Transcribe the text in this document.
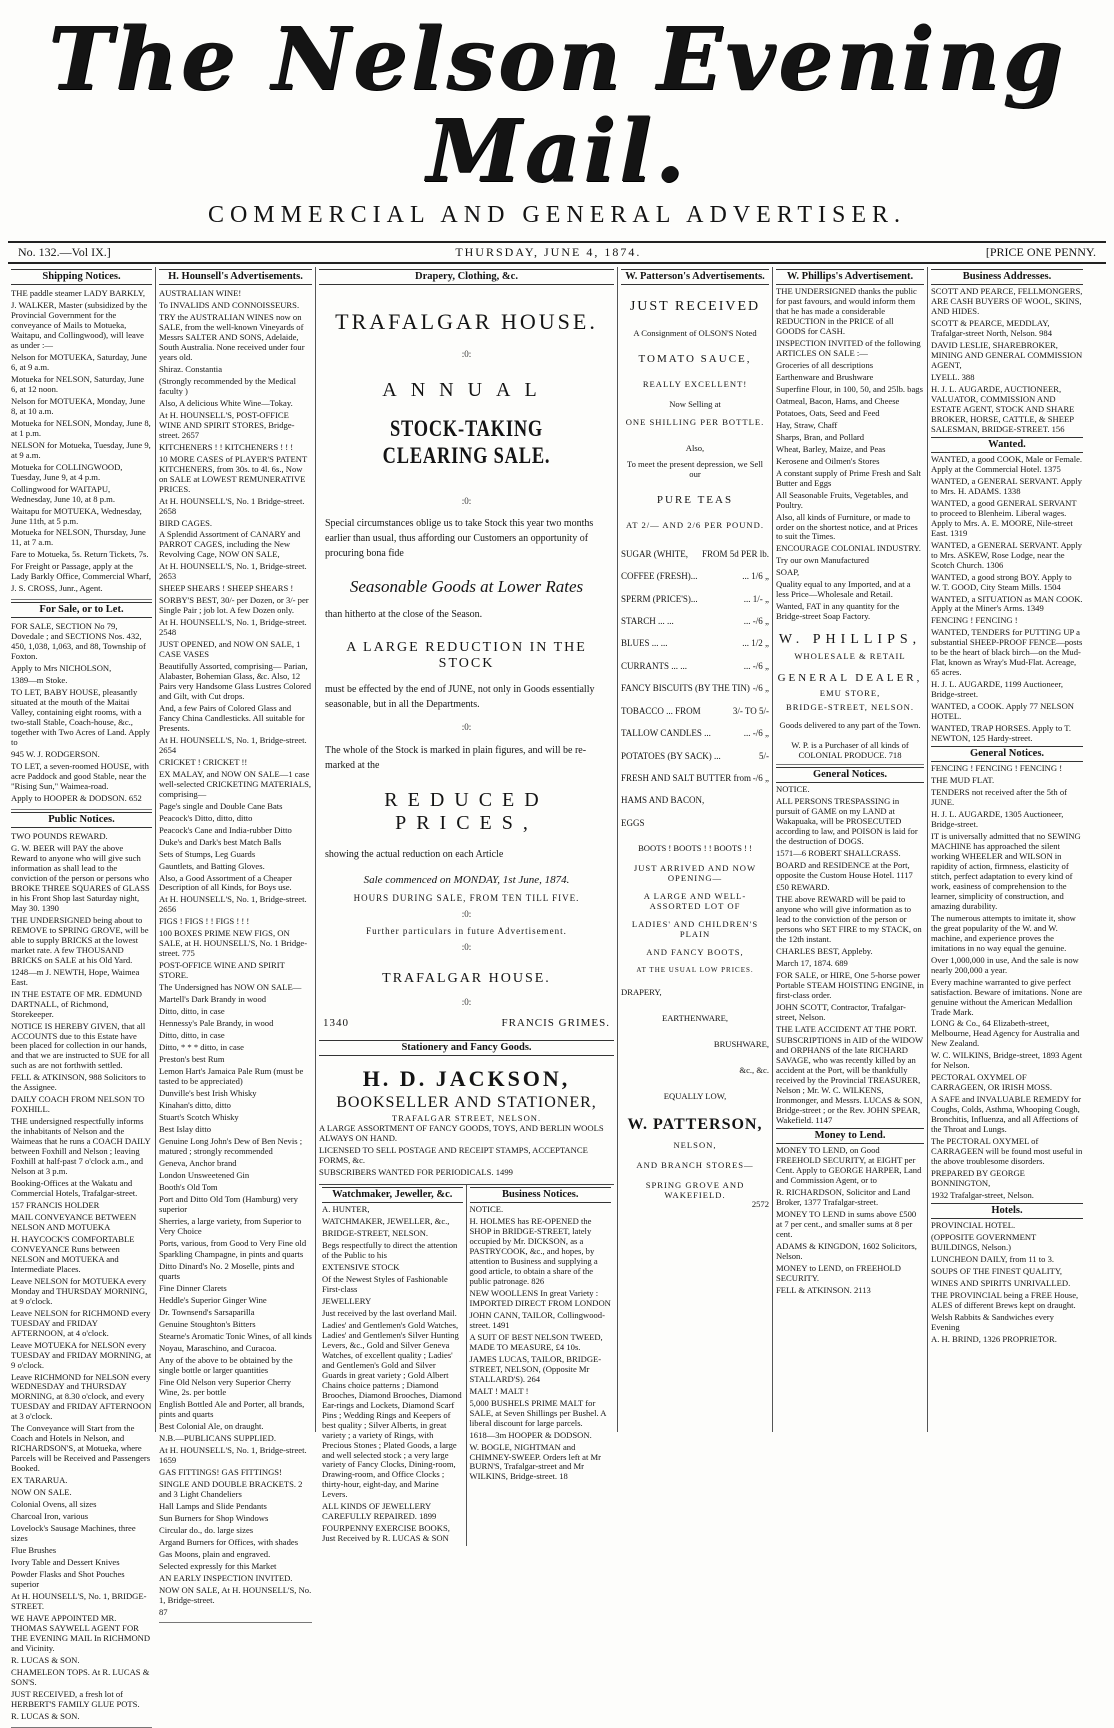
The Nelson Evening Mail.
COMMERCIAL AND GENERAL ADVERTISER.
No. 132.—Vol IX.]	THURSDAY, JUNE 4, 1874.	[PRICE ONE PENNY.
Shipping Notices.

THE paddle steamer LADY BARKLY,

J. WALKER, Master (subsidized by the Provincial Government for the conveyance of Mails to Motueka, Waitapu, and Collingwood), will leave as under :—

Nelson for MOTUEKA, Saturday, June 6, at 9 a.m.

Motueka for NELSON, Saturday, June 6, at 12 noon.

Nelson for MOTUEKA, Monday, June 8, at 10 a.m.

Motueka for NELSON, Monday, June 8, at 1 p.m.

NELSON for Motueka, Tuesday, June 9, at 9 a.m.

Motueka for COLLINGWOOD, Tuesday, June 9, at 4 p.m.

Collingwood for WAITAPU, Wednesday, June 10, at 8 p.m.

Waitapu for MOTUEKA, Wednesday, June 11th, at 5 p.m.

Motueka for NELSON, Thursday, June 11, at 7 a.m.

Fare to Motueka, 5s. Return Tickets, 7s.

For Freight or Passage, apply at the Lady Barkly Office, Commercial Wharf,

J. S. CROSS, Junr., Agent.

For Sale, or to Let.

FOR SALE, SECTION No 79, Dovedale ; and SECTIONS Nos. 432, 450, 1,038, 1,063, and 88, Township of Foxton.

Apply to Mrs NICHOLSON,

1389—m Stoke.

TO LET, BABY HOUSE, pleasantly situated at the mouth of the Maitai Valley, containing eight rooms, with a two-stall Stable, Coach-house, &c., together with Two Acres of Land. Apply to

945 W. J. RODGERSON.

TO LET, a seven-roomed HOUSE, with acre Paddock and good Stable, near the "Rising Sun," Waimea-road.

Apply to HOOPER & DODSON. 652

Public Notices.

TWO POUNDS REWARD.

G. W. BEER will PAY the above Reward to anyone who will give such information as shall lead to the conviction of the person or persons who BROKE THREE SQUARES of GLASS in his Front Shop last Saturday night, May 30. 1390

THE UNDERSIGNED being about to REMOVE to SPRING GROVE, will be able to supply BRICKS at the lowest market rate. A few THOUSAND BRICKS on SALE at his Old Yard.

1248—m J. NEWTH, Hope, Waimea East.

IN THE ESTATE OF MR. EDMUND DARTNALL, of Richmond, Storekeeper.

NOTICE IS HEREBY GIVEN, that all ACCOUNTS due to this Estate have been placed for collection in our hands, and that we are instructed to SUE for all such as are not forthwith settled.

FELL & ATKINSON, 988 Solicitors to the Assignee.

DAILY COACH FROM NELSON TO FOXHILL.

THE undersigned respectfully informs the inhabitants of Nelson and the Waimeas that he runs a COACH DAILY between Foxhill and Nelson ; leaving Foxhill at half-past 7 o'clock a.m., and Nelson at 3 p.m.

Booking-Offices at the Wakatu and Commercial Hotels, Trafalgar-street.

157 FRANCIS HOLDER

MAIL CONVEYANCE BETWEEN NELSON AND MOTUEKA

H. HAYCOCK'S COMFORTABLE CONVEYANCE Runs between NELSON and MOTUEKA and Intermediate Places.

Leave NELSON for MOTUEKA every Monday and THURSDAY MORNING, at 9 o'clock.

Leave NELSON for RICHMOND every TUESDAY and FRIDAY AFTERNOON, at 4 o'clock.

Leave MOTUEKA for NELSON every TUESDAY and FRIDAY MORNING, at 9 o'clock.

Leave RICHMOND for NELSON every WEDNESDAY and THURSDAY MORNING, at 8.30 o'clock, and every TUESDAY and FRIDAY AFTERNOON at 3 o'clock.

The Conveyance will Start from the Coach and Hotels in Nelson, and RICHARDSON'S, at Motueka, where Parcels will be Received and Passengers Booked.

EX TARARUA.

NOW ON SALE.

Colonial Ovens, all sizes

Charcoal Iron, various

Lovelock's Sausage Machines, three sizes

Flue Brushes

Ivory Table and Dessert Knives

Powder Flasks and Shot Pouches superior

At H. HOUNSELL'S, No. 1, BRIDGE-STREET.

WE HAVE APPOINTED MR. THOMAS SAYWELL AGENT FOR THE EVENING MAIL In RICHMOND and Vicinity.

R. LUCAS & SON.

CHAMELEON TOPS. At R. LUCAS & SON'S.

JUST RECEIVED, a fresh lot of HERBERT'S FAMILY GLUE POTS.

R. LUCAS & SON.

H. Hounsell's Advertisements.

AUSTRALIAN WINE!

To INVALIDS AND CONNOISSEURS.

TRY the AUSTRALIAN WINES now on SALE, from the well-known Vineyards of Messrs SALTER AND SONS, Adelaide, South Australia. None received under four years old.

Shiraz. Constantia

(Strongly recommended by the Medical faculty )

Also, A delicious White Wine—Tokay.

At H. HOUNSELL'S, POST-OFFICE WINE AND SPIRIT STORES, Bridge-street. 2657

KITCHENERS ! ! KITCHENERS ! ! !

10 MORE CASES of PLAYER'S PATENT KITCHENERS, from 30s. to 4l. 6s., Now on SALE at LOWEST REMUNERATIVE PRICES.

At H. HOUNSELL'S, No. 1 Bridge-street. 2658

BIRD CAGES.

A Splendid Assortment of CANARY and PARROT CAGES, including the New Revolving Cage, NOW ON SALE,

At H. HOUNSELL'S, No. 1, Bridge-street. 2653

SHEEP SHEARS ! SHEEP SHEARS !

SORBY'S BEST, 30/- per Dozen, or 3/- per Single Pair ; job lot. A few Dozen only.

At H. HOUNSELL'S, No. 1, Bridge-street. 2548

JUST OPENED, and NOW ON SALE, 1 CASE VASES

Beautifully Assorted, comprising— Parian, Alabaster, Bohemian Glass, &c. Also, 12 Pairs very Handsome Glass Lustres Colored and Gilt, with Cut drops.

And, a few Pairs of Colored Glass and Fancy China Candlesticks. All suitable for Presents.

At H. HOUNSELL'S, No. 1, Bridge-street. 2654

CRICKET ! CRICKET !!

EX MALAY, and NOW ON SALE—1 case well-selected CRICKETING MATERIALS, comprising—

Page's single and Double Cane Bats

Peacock's Ditto, ditto, ditto

Peacock's Cane and India-rubber Ditto

Duke's and Dark's best Match Balls

Sets of Stumps, Leg Guards

Gauntlets, and Batting Gloves.

Also, a Good Assortment of a Cheaper Description of all Kinds, for Boys use.

At H. HOUNSELL'S, No. 1, Bridge-street. 2656

FIGS ! FIGS ! ! FIGS ! ! !

100 BOXES PRIME NEW FIGS, ON SALE, at H. HOUNSELL'S, No. 1 Bridge-street. 775

POST-OFFICE WINE AND SPIRIT STORE.

The Undersigned has NOW ON SALE—

Martell's Dark Brandy in wood

Ditto, ditto, in case

Hennessy's Pale Brandy, in wood

Ditto, ditto, in case

Ditto, * * * ditto, in case

Preston's best Rum

Lemon Hart's Jamaica Pale Rum (must be tasted to be appreciated)

Dunville's best Irish Whisky

Kinahan's ditto, ditto

Stuart's Scotch Whisky

Best Islay ditto

Genuine Long John's Dew of Ben Nevis ; matured ; strongly recommended

Geneva, Anchor brand

London Unsweetened Gin

Booth's Old Tom

Port and Ditto Old Tom (Hamburg) very superior

Sherries, a large variety, from Superior to Very Choice

Ports, various, from Good to Very Fine old

Sparkling Champagne, in pints and quarts

Ditto Dinard's No. 2 Moselle, pints and quarts

Fine Dinner Clarets

Heddle's Superior Ginger Wine

Dr. Townsend's Sarsaparilla

Genuine Stoughton's Bitters

Stearne's Aromatic Tonic Wines, of all kinds

Noyau, Maraschino, and Curacoa.

Any of the above to be obtained by the single bottle or larger quantities

Fine Old Nelson very Superior Cherry Wine, 2s. per bottle

English Bottled Ale and Porter, all brands, pints and quarts

Best Colonial Ale, on draught.

N.B.—PUBLICANS SUPPLIED.

At H. HOUNSELL'S, No. 1, Bridge-street. 1659

GAS FITTINGS! GAS FITTINGS!

SINGLE AND DOUBLE BRACKETS. 2 and 3 Light Chandeliers

Hall Lamps and Slide Pendants

Sun Burners for Shop Windows

Circular do., do. large sizes

Argand Burners for Offices, with shades

Gas Moons, plain and engraved.

Selected expressly for this Market

AN EARLY INSPECTION INVITED.

NOW ON SALE, At H. HOUNSELL'S, No. 1, Bridge-street.

87

Drapery, Clothing, &c.
TRAFALGAR HOUSE.
:0:
ANNUAL
STOCK-TAKING CLEARING SALE.
:0:
Special circumstances oblige us to take Stock this year two months earlier than usual, thus affording our Customers an opportunity of procuring bona fide
Seasonable Goods at Lower Rates
than hitherto at the close of the Season.
A LARGE REDUCTION IN THE STOCK
must be effected by the end of JUNE, not only in Goods essentially seasonable, but in all the Departments.
:0:
The whole of the Stock is marked in plain figures, and will be re-marked at the
REDUCED PRICES,
showing the actual reduction on each Article
Sale commenced on MONDAY, 1st June, 1874.
HOURS DURING SALE, FROM TEN TILL FIVE.
:0:
Further particulars in future Advertisement.
:0:
TRAFALGAR HOUSE.
:0:
1340	FRANCIS GRIMES.
Stationery and Fancy Goods.
H. D. JACKSON,
BOOKSELLER AND STATIONER,
TRAFALGAR STREET, NELSON.

A LARGE ASSORTMENT OF FANCY GOODS, TOYS, AND BERLIN WOOLS ALWAYS ON HAND.

LICENSED TO SELL POSTAGE AND RECEIPT STAMPS, ACCEPTANCE FORMS, &c.

SUBSCRIBERS WANTED FOR PERIODICALS. 1499

Watchmaker, Jeweller, &c.

A. HUNTER,

WATCHMAKER, JEWELLER, &c.,

BRIDGE-STREET, NELSON.

Begs respectfully to direct the attention of the Public to his

EXTENSIVE STOCK

Of the Newest Styles of Fashionable First-class

JEWELLERY

Just received by the last overland Mail.

Ladies' and Gentlemen's Gold Watches, Ladies' and Gentlemen's Silver Hunting Levers, &c., Gold and Silver Geneva Watches, of excellent quality ; Ladies' and Gentlemen's Gold and Silver Guards in great variety ; Gold Albert Chains choice patterns ; Diamond Brooches, Diamond Brooches, Diamond Ear-rings and Lockets, Diamond Scarf Pins ; Wedding Rings and Keepers of best quality ; Silver Alberts, in great variety ; a variety of Rings, with Precious Stones ; Plated Goods, a large and well selected stock ; a very large variety of Fancy Clocks, Dining-room, Drawing-room, and Office Clocks ; thirty-hour, eight-day, and Marine Levers.

ALL KINDS OF JEWELLERY CAREFULLY REPAIRED. 1899

FOURPENNY EXERCISE BOOKS, Just Received by R. LUCAS & SON

Business Notices.

NOTICE.

H. HOLMES has RE-OPENED the SHOP in BRIDGE-STREET, lately occupied by Mr. DICKSON, as a PASTRYCOOK, &c., and hopes, by attention to Business and supplying a good article, to obtain a share of the public patronage. 826

NEW WOOLLENS In great Variety : IMPORTED DIRECT FROM LONDON

JOHN CANN, TAILOR, Collingwood-street. 1491

A SUIT OF BEST NELSON TWEED, MADE TO MEASURE, £4 10s.

JAMES LUCAS, TAILOR, BRIDGE-STREET, NELSON, (Opposite Mr STALLARD'S). 264

MALT ! MALT !

5,000 BUSHELS PRIME MALT for SALE, at Seven Shillings per Bushel. A liberal discount for large parcels.

1618—3m HOOPER & DODSON.

W. BOGLE, NIGHTMAN and CHIMNEY-SWEEP. Orders left at Mr BURN'S, Trafalgar-street and Mr WILKINS, Bridge-street. 18

W. Patterson's Advertisements.
JUST RECEIVED
A Consignment of OLSON'S Noted
TOMATO SAUCE,
REALLY EXCELLENT!
Now Selling at
ONE SHILLING PER BOTTLE.
Also,
To meet the present depression, we Sell our
PURE TEAS
AT 2/— AND 2/6 PER POUND.
SUGAR (WHITE, FROM 5d PER lb.
COFFEE (FRESH)...	... 1/6 „
SPERM (PRICE'S)...	... 1/- „
STARCH ... ...	... -/6 „
BLUES ... ...	... 1/2 „
CURRANTS ... ...	... -/6 „
FANCY BISCUITS (BY THE TIN) -/6 „
TOBACCO ... FROM	3/- TO 5/-
TALLOW CANDLES ...	... -/6 „
POTATOES (BY SACK) ...	5/-
FRESH AND SALT BUTTER from -/6 „
HAMS AND BACON,
EGGS
BOOTS ! BOOTS ! ! BOOTS ! !
JUST ARRIVED AND NOW OPENING—
A LARGE AND WELL-ASSORTED LOT OF
LADIES' AND CHILDREN'S PLAIN
AND FANCY BOOTS,
AT THE USUAL LOW PRICES.
DRAPERY,
EARTHENWARE,
BRUSHWARE,
&c., &c.
EQUALLY LOW,
W. PATTERSON,
NELSON,
AND BRANCH STORES—
SPRING GROVE AND WAKEFIELD.
2572
W. Phillips's Advertisement.

THE UNDERSIGNED thanks the public for past favours, and would inform them that he has made a considerable REDUCTION in the PRICE of all GOODS for CASH.

INSPECTION INVITED of the following ARTICLES ON SALE :—

Groceries of all descriptions

Earthenware and Brushware

Superfine Flour, in 100, 50, and 25lb. bags

Oatmeal, Bacon, Hams, and Cheese

Potatoes, Oats, Seed and Feed

Hay, Straw, Chaff

Sharps, Bran, and Pollard

Wheat, Barley, Maize, and Peas

Kerosene and Oilmen's Stores

A constant supply of Prime Fresh and Salt Butter and Eggs

All Seasonable Fruits, Vegetables, and Poultry.

Also, all kinds of Furniture, or made to order on the shortest notice, and at Prices to suit the Times.

ENCOURAGE COLONIAL INDUSTRY.

Try our own Manufactured

SOAP,

Quality equal to any Imported, and at a less Price—Wholesale and Retail.

Wanted, FAT in any quantity for the Bridge-street Soap Factory.

W. PHILLIPS,
WHOLESALE & RETAIL
GENERAL DEALER,
EMU STORE,
BRIDGE-STREET, NELSON.
Goods delivered to any part of the Town.
W. P. is a Purchaser of all kinds of COLONIAL PRODUCE. 718
General Notices.

NOTICE.

ALL PERSONS TRESPASSING in pursuit of GAME on my LAND at Wakapuaka, will be PROSECUTED according to law, and POISON is laid for the destruction of DOGS.

1571—6 ROBERT SHALLCRASS.

BOARD and RESIDENCE at the Port, opposite the Custom House Hotel. 1117

£50 REWARD.

THE above REWARD will be paid to anyone who will give information as to lead to the conviction of the person or persons who SET FIRE to my STACK, on the 12th instant.

CHARLES BEST, Appleby.

March 17, 1874. 689

FOR SALE, or HIRE, One 5-horse power Portable STEAM HOISTING ENGINE, in first-class order.

JOHN SCOTT, Contractor, Trafalgar-street, Nelson.

THE LATE ACCIDENT AT THE PORT.

SUBSCRIPTIONS in AID of the WIDOW and ORPHANS of the late RICHARD SAVAGE, who was recently killed by an accident at the Port, will be thankfully received by the Provincial TREASURER, Nelson ; Mr. W. C. WILKENS, Ironmonger, and Messrs. LUCAS & SON, Bridge-street ; or the Rev. JOHN SPEAR, Wakefield. 1147

Money to Lend.

MONEY TO LEND, on Good FREEHOLD SECURITY, at EIGHT per Cent. Apply to GEORGE HARPER, Land and Commission Agent, or to

R. RICHARDSON, Solicitor and Land Broker, 1377 Trafalgar-street.

MONEY TO LEND in sums above £500 at 7 per cent., and smaller sums at 8 per cent.

ADAMS & KINGDON, 1602 Solicitors, Nelson.

MONEY to LEND, on FREEHOLD SECURITY.

FELL & ATKINSON. 2113

Business Addresses.

SCOTT AND PEARCE, FELLMONGERS, ARE CASH BUYERS OF WOOL, SKINS, AND HIDES.

SCOTT & PEARCE, MEDDLAY, Trafalgar-street North, Nelson. 984

DAVID LESLIE, SHAREBROKER, MINING AND GENERAL COMMISSION AGENT,

LYELL. 388

H. J. L. AUGARDE, AUCTIONEER, VALUATOR, COMMISSION AND ESTATE AGENT, STOCK AND SHARE BROKER, HORSE, CATTLE, & SHEEP SALESMAN, BRIDGE-STREET. 156

Wanted.

WANTED, a good COOK, Male or Female. Apply at the Commercial Hotel. 1375

WANTED, a GENERAL SERVANT. Apply to Mrs. H. ADAMS. 1338

WANTED, a good GENERAL SERVANT to proceed to Blenheim. Liberal wages. Apply to Mrs. A. E. MOORE, Nile-street East. 1319

WANTED, a GENERAL SERVANT. Apply to Mrs. ASKEW, Rose Lodge, near the Scotch Church. 1306

WANTED, a good strong BOY. Apply to W. T. GOOD, City Steam Mills. 1504

WANTED, a SITUATION as MAN COOK. Apply at the Miner's Arms. 1349

FENCING ! FENCING !

WANTED, TENDERS for PUTTING UP a substantial SHEEP-PROOF FENCE—posts to be the heart of black birch—on the Mud-Flat, known as Wray's Mud-Flat. Acreage, 65 acres.

H. J. L. AUGARDE, 1199 Auctioneer, Bridge-street.

WANTED, a COOK. Apply 77 NELSON HOTEL.

WANTED, TRAP HORSES. Apply to T. NEWTON, 125 Hardy-street.

General Notices.

FENCING ! FENCING ! FENCING !

THE MUD FLAT.

TENDERS not received after the 5th of JUNE.

H. J. L. AUGARDE, 1305 Auctioneer, Bridge-street.

IT is universally admitted that no SEWING MACHINE has approached the silent working WHEELER and WILSON in rapidity of action, firmness, elasticity of stitch, perfect adaptation to every kind of work, easiness of comprehension to the learner, simplicity of construction, and amazing durability.

The numerous attempts to imitate it, show the great popularity of the W. and W. machine, and experience proves the imitations in no way equal the genuine.

Over 1,000,000 in use, And the sale is now nearly 200,000 a year.

Every machine warranted to give perfect satisfaction. Beware of imitations. None are genuine without the American Medallion Trade Mark.

LONG & Co., 64 Elizabeth-street, Melbourne, Head Agency for Australia and New Zealand.

W. C. WILKINS, Bridge-street, 1893 Agent for Nelson.

PECTORAL OXYMEL OF CARRAGEEN, OR IRISH MOSS.

A SAFE and INVALUABLE REMEDY for Coughs, Colds, Asthma, Whooping Cough, Bronchitis, Influenza, and all Affections of the Throat and Lungs.

The PECTORAL OXYMEL of CARRAGEEN will be found most useful in the above troublesome disorders.

PREPARED BY GEORGE BONNINGTON,

1932 Trafalgar-street, Nelson.

Hotels.

PROVINCIAL HOTEL.

(OPPOSITE GOVERNMENT BUILDINGS, Nelson.)

LUNCHEON DAILY, from 11 to 3.

SOUPS OF THE FINEST QUALITY,

WINES AND SPIRITS UNRIVALLED.

THE PROVINCIAL being a FREE House, ALES of different Brews kept on draught.

Welsh Rabbits & Sandwiches every Evening

A. H. BRIND, 1326 PROPRIETOR.
